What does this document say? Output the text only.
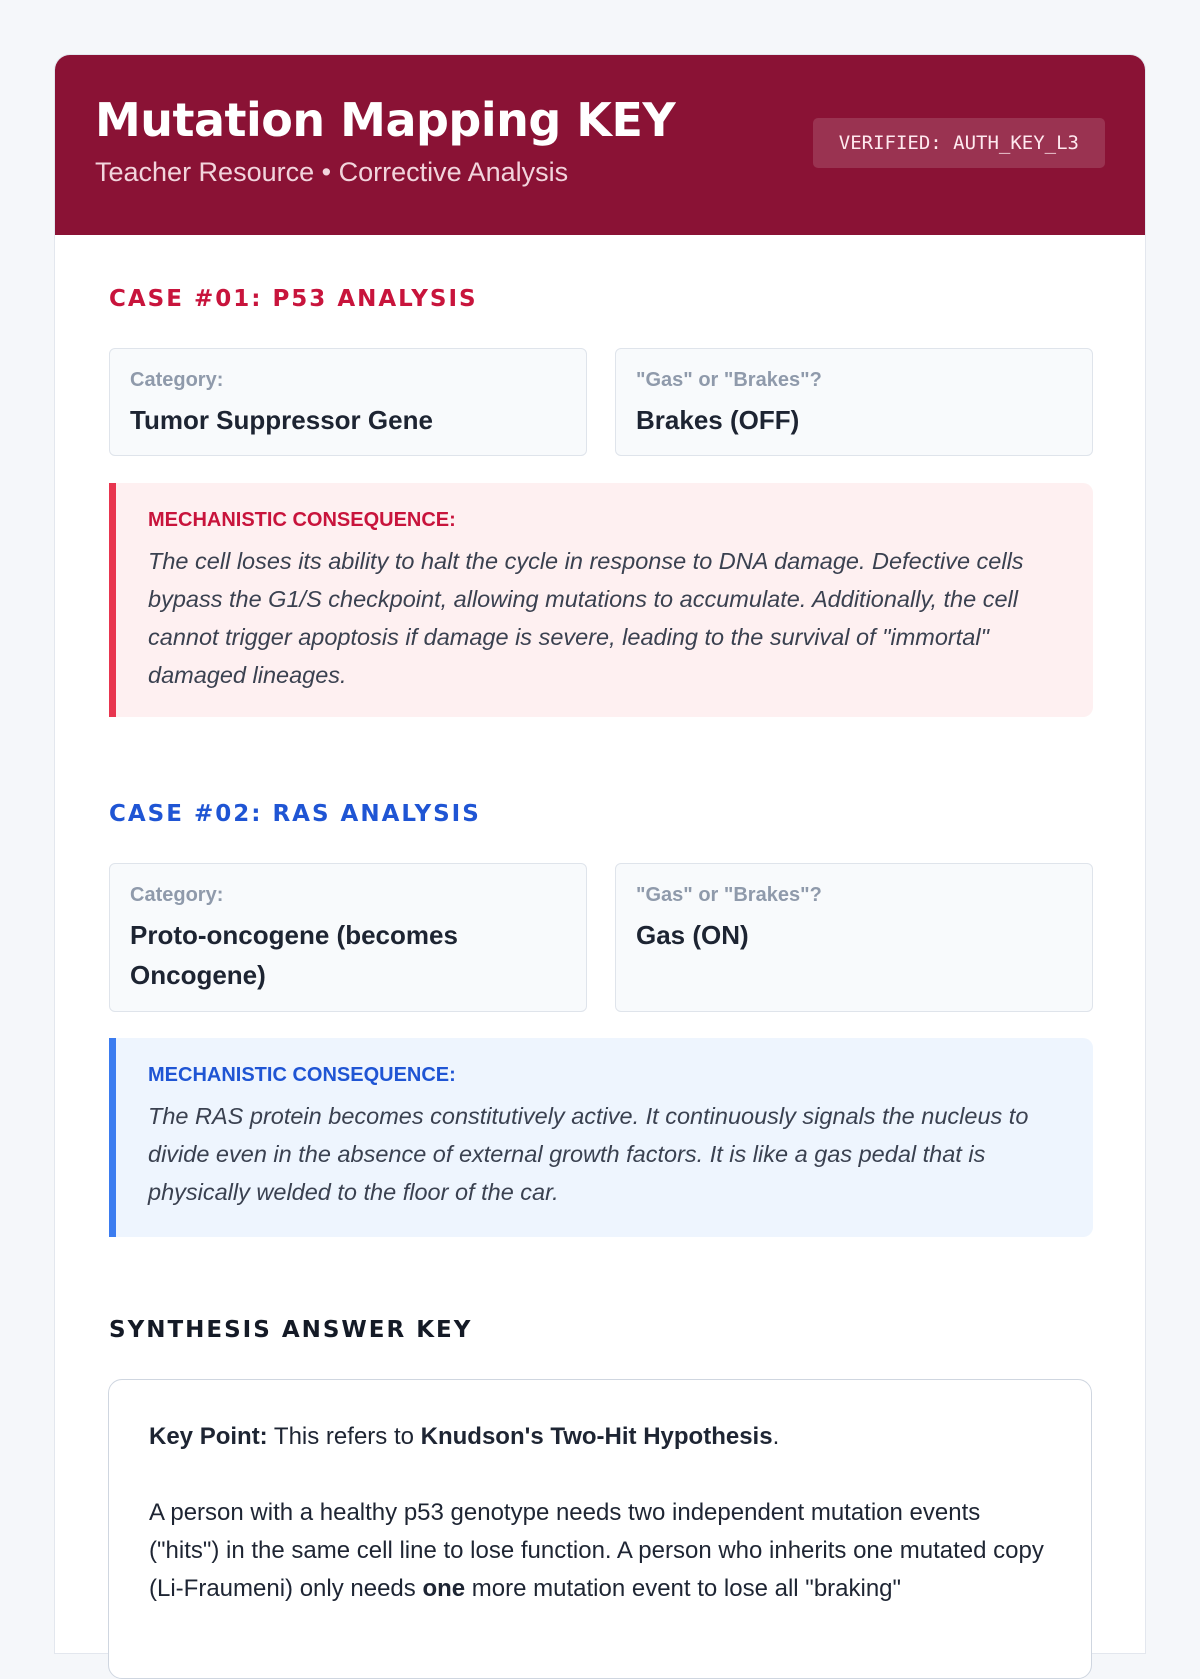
Mutation Mapping KEY
Teacher Resource • Corrective Analysis
VERIFIED: AUTH_KEY_L3
CASE #01: P53 ANALYSIS
Category:
Tumor Suppressor Gene
"Gas" or "Brakes"?
Brakes (OFF)
MECHANISTIC CONSEQUENCE:
The cell loses its ability to halt the cycle in response to DNA damage. Defective cells bypass the G1/S checkpoint, allowing mutations to accumulate. Additionally, the cell cannot trigger apoptosis if damage is severe, leading to the survival of "immortal" damaged lineages.
CASE #02: RAS ANALYSIS
Category:
Proto-oncogene (becomes Oncogene)
"Gas" or "Brakes"?
Gas (ON)
MECHANISTIC CONSEQUENCE:
The RAS protein becomes constitutively active. It continuously signals the nucleus to divide even in the absence of external growth factors. It is like a gas pedal that is physically welded to the floor of the car.
SYNTHESIS ANSWER KEY
Key Point: This refers to Knudson's Two-Hit Hypothesis.
A person with a healthy p53 genotype needs two independent mutation events ("hits") in the same cell line to lose function. A person who inherits one mutated copy (Li-Fraumeni) only needs one more mutation event to lose all "braking"
